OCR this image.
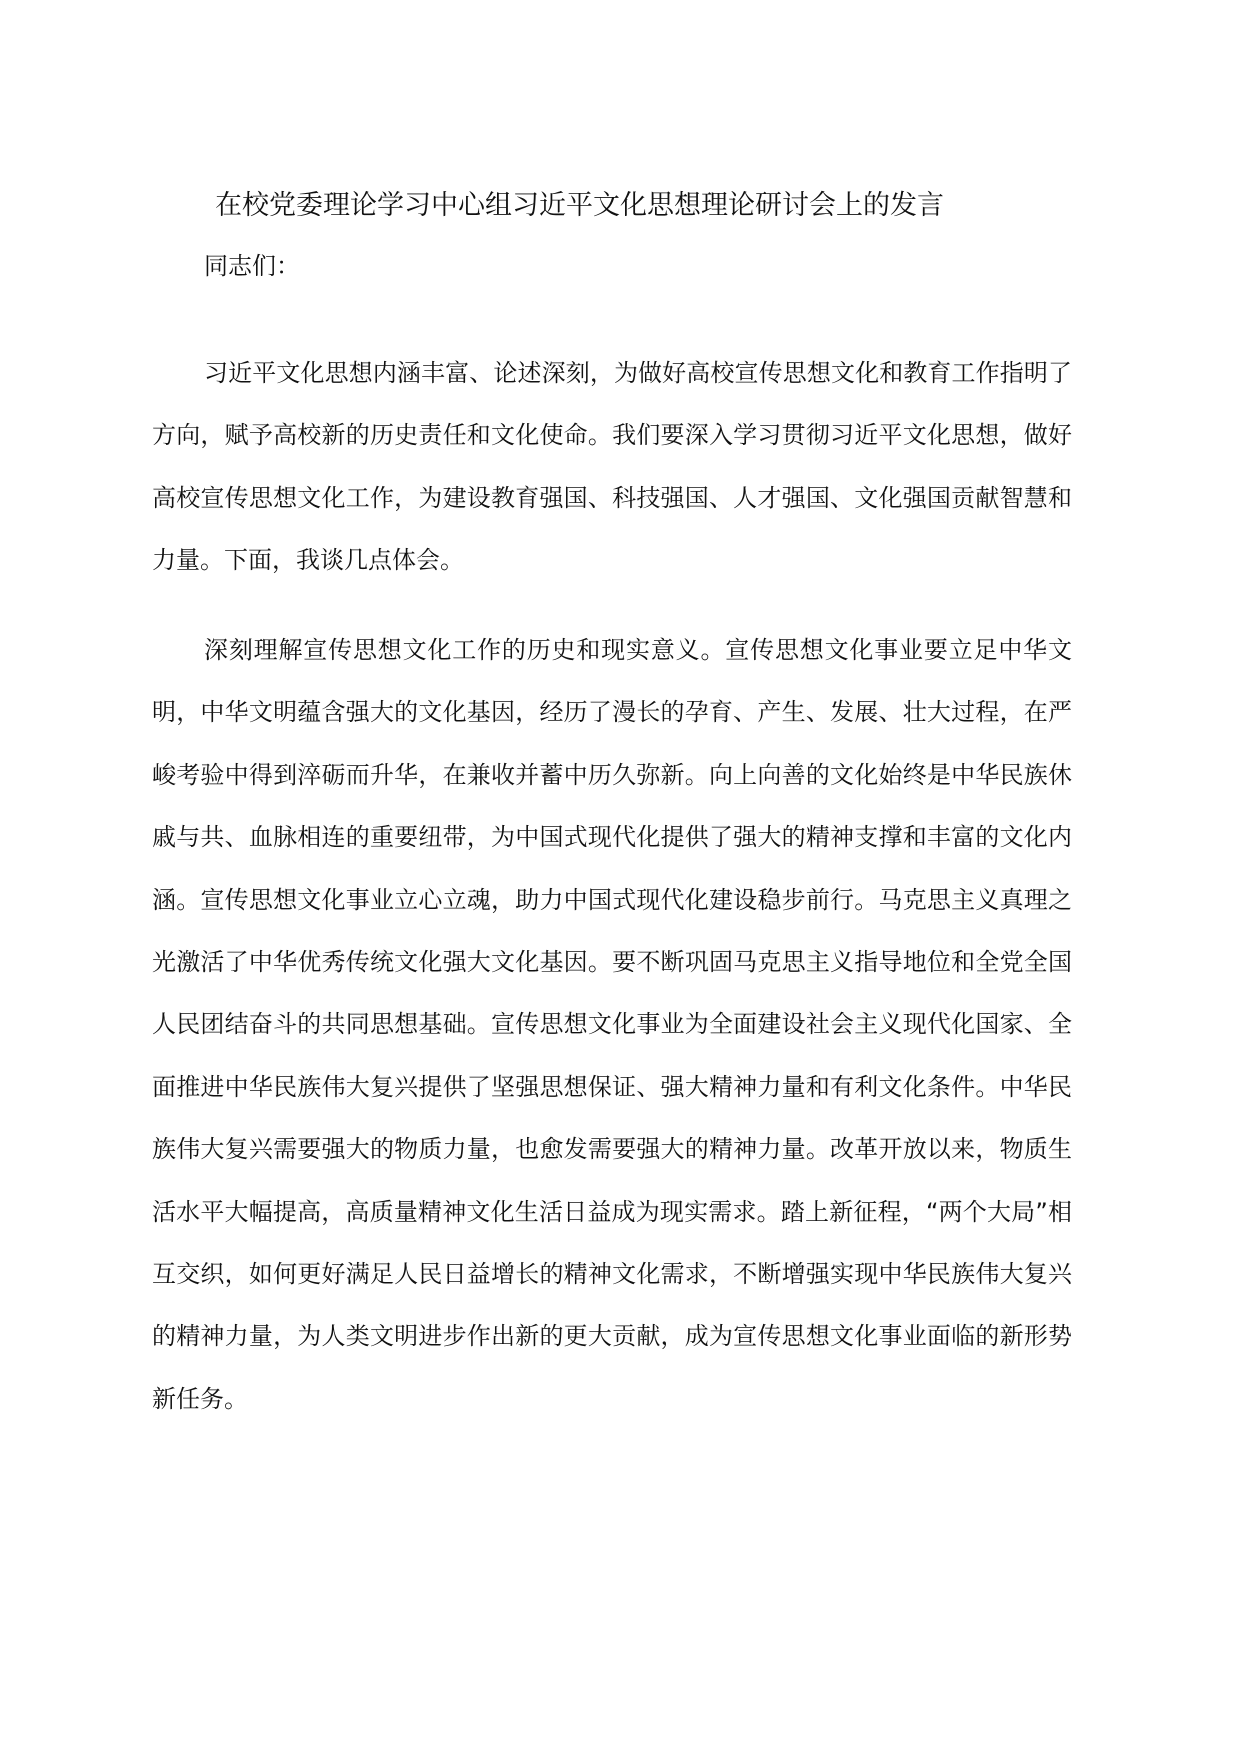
在校党委理论学习中心组习近平文化思想理论研讨会上的发言

同志们：

习近平文化思想内涵丰富、论述深刻，为做好高校宣传思想文化和教育工作指明了方向，赋予高校新的历史责任和文化使命。我们要深入学习贯彻习近平文化思想，做好高校宣传思想文化工作，为建设教育强国、科技强国、人才强国、文化强国贡献智慧和力量。下面，我谈几点体会。

深刻理解宣传思想文化工作的历史和现实意义。宣传思想文化事业要立足中华文明，中华文明蕴含强大的文化基因，经历了漫长的孕育、产生、发展、壮大过程，在严峻考验中得到淬砺而升华，在兼收并蓄中历久弥新。向上向善的文化始终是中华民族休戚与共、血脉相连的重要纽带，为中国式现代化提供了强大的精神支撑和丰富的文化内涵。宣传思想文化事业立心立魂，助力中国式现代化建设稳步前行。马克思主义真理之光激活了中华优秀传统文化强大文化基因。要不断巩固马克思主义指导地位和全党全国人民团结奋斗的共同思想基础。宣传思想文化事业为全面建设社会主义现代化国家、全面推进中华民族伟大复兴提供了坚强思想保证、强大精神力量和有利文化条件。中华民族伟大复兴需要强大的物质力量，也愈发需要强大的精神力量。改革开放以来，物质生活水平大幅提高，高质量精神文化生活日益成为现实需求。踏上新征程，“两个大局”相互交织，如何更好满足人民日益增长的精神文化需求，不断增强实现中华民族伟大复兴的精神力量，为人类文明进步作出新的更大贡献，成为宣传思想文化事业面临的新形势新任务。
